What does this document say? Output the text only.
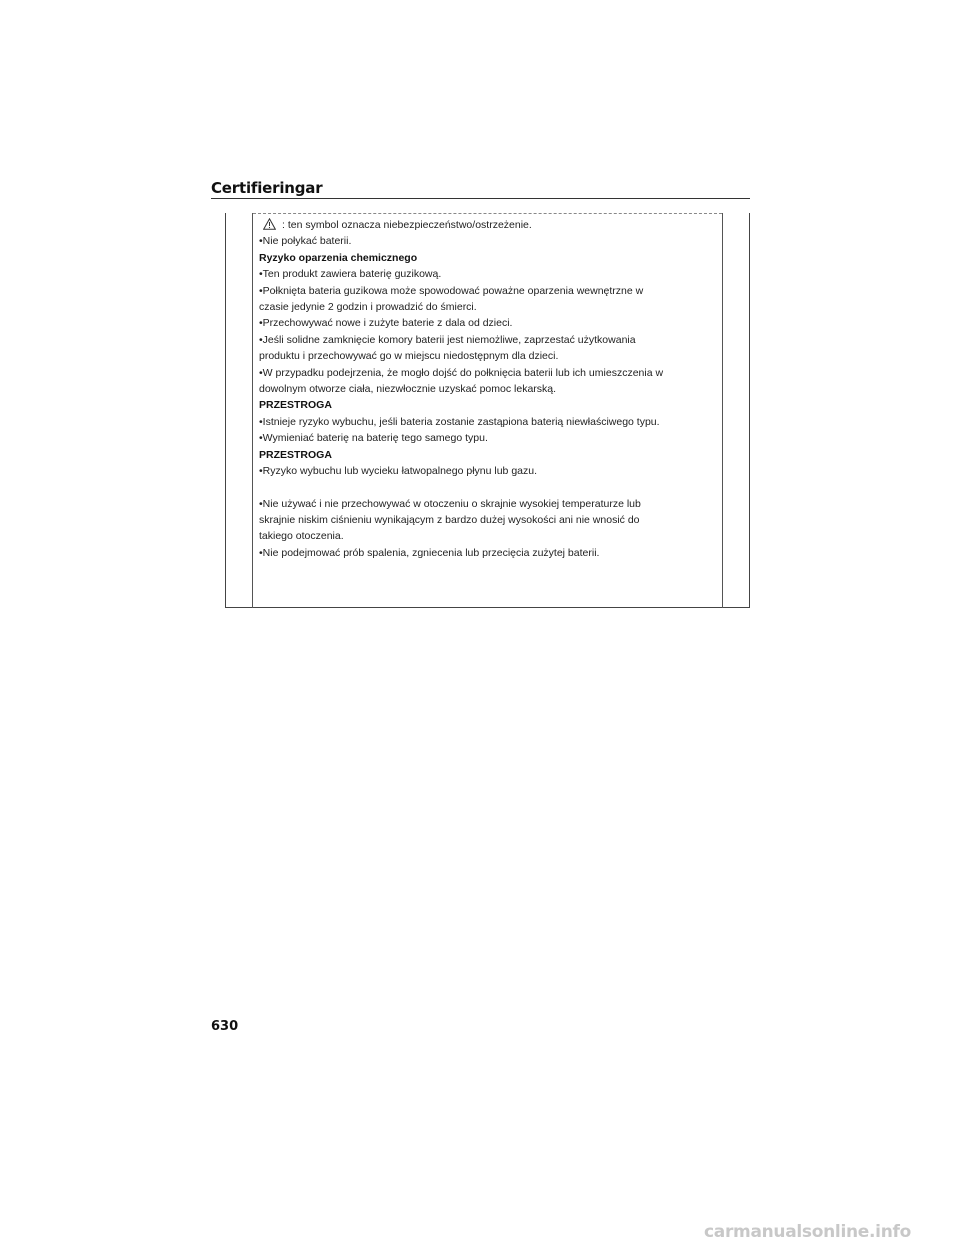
Certifieringar
: ten symbol oznacza niebezpieczeństwo/ostrzeżenie.
•Nie połykać baterii.
Ryzyko oparzenia chemicznego
•Ten produkt zawiera baterię guzikową.
•Połknięta bateria guzikowa może spowodować poważne oparzenia wewnętrzne w
czasie jedynie 2 godzin i prowadzić do śmierci.
•Przechowywać nowe i zużyte baterie z dala od dzieci.
•Jeśli solidne zamknięcie komory baterii jest niemożliwe, zaprzestać użytkowania
produktu i przechowywać go w miejscu niedostępnym dla dzieci.
•W przypadku podejrzenia, że mogło dojść do połknięcia baterii lub ich umieszczenia w
dowolnym otworze ciała, niezwłocznie uzyskać pomoc lekarską.
PRZESTROGA
•Istnieje ryzyko wybuchu, jeśli bateria zostanie zastąpiona baterią niewłaściwego typu.
•Wymieniać baterię na baterię tego samego typu.
PRZESTROGA
•Ryzyko wybuchu lub wycieku łatwopalnego płynu lub gazu.
•Nie używać i nie przechowywać w otoczeniu o skrajnie wysokiej temperaturze lub
skrajnie niskim ciśnieniu wynikającym z bardzo dużej wysokości ani nie wnosić do
takiego otoczenia.
•Nie podejmować prób spalenia, zgniecenia lub przecięcia zużytej baterii.
630
carmanualsonline.info
